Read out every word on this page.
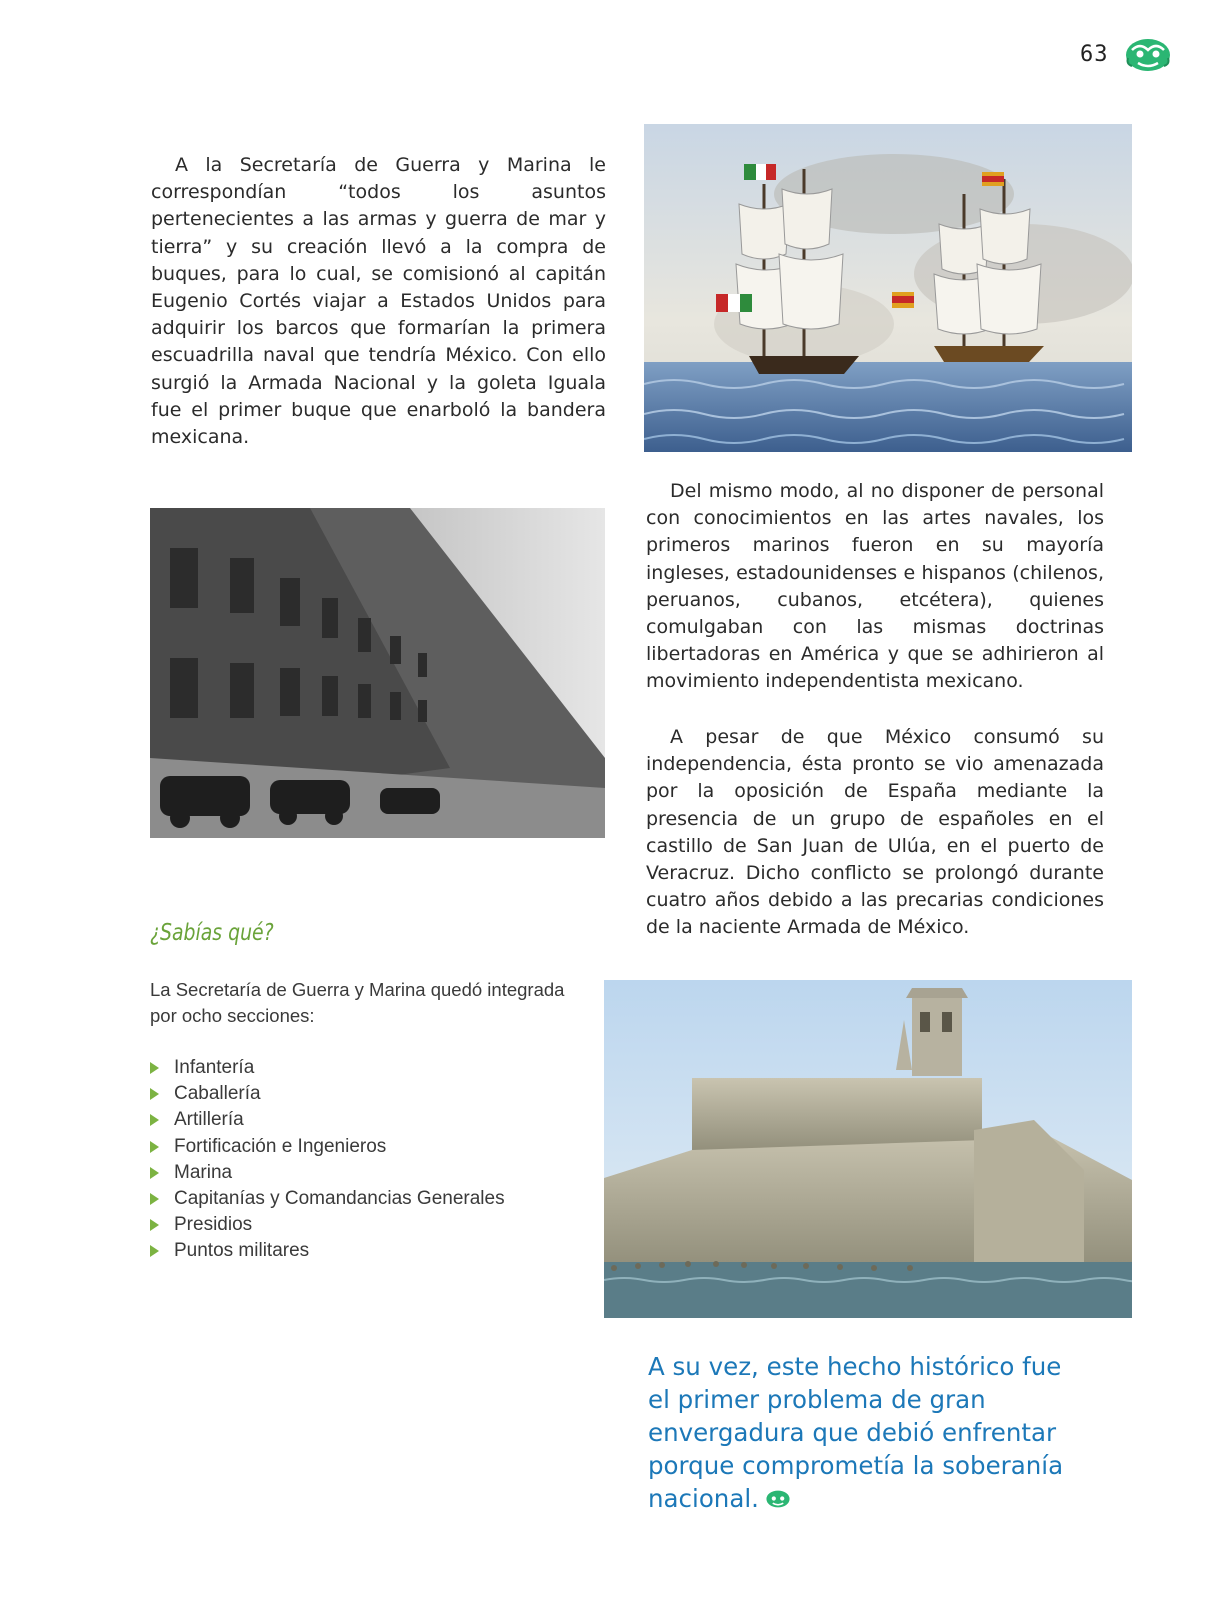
63

A la Secretaría de Guerra y Marina le correspondían “todos los asuntos pertenecientes a las armas y guerra de mar y tierra” y su creación llevó a la compra de buques, para lo cual, se comisionó al capitán Eugenio Cortés viajar a Estados Unidos para adquirir los barcos que formarían la primera escuadrilla naval que tendría México. Con ello surgió la Armada Nacional y la goleta Iguala fue el primer buque que enarboló la bandera mexicana.

Del mismo modo, al no disponer de personal con conocimientos en las artes navales, los primeros marinos fueron en su mayoría ingleses, estadounidenses e hispanos (chilenos, peruanos, cubanos, etcétera), quienes comulgaban con las mismas doctrinas libertadoras en América y que se adhirieron al movimiento independentista mexicano.

A pesar de que México consumó su independencia, ésta pronto se vio amenazada por la oposición de España mediante la presencia de un grupo de españoles en el castillo de San Juan de Ulúa, en el puerto de Veracruz. Dicho conflicto se prolongó durante cuatro años debido a las precarias condiciones de la naciente Armada de México.

¿Sabías qué?

La Secretaría de Guerra y Marina quedó integrada por ocho secciones:

Infantería
Caballería
Artillería
Fortificación e Ingenieros
Marina
Capitanías y Comandancias Generales
Presidios
Puntos militares

A su vez, este hecho histórico fue el primer problema de gran envergadura que debió enfrentar porque comprometía la soberanía nacional.
